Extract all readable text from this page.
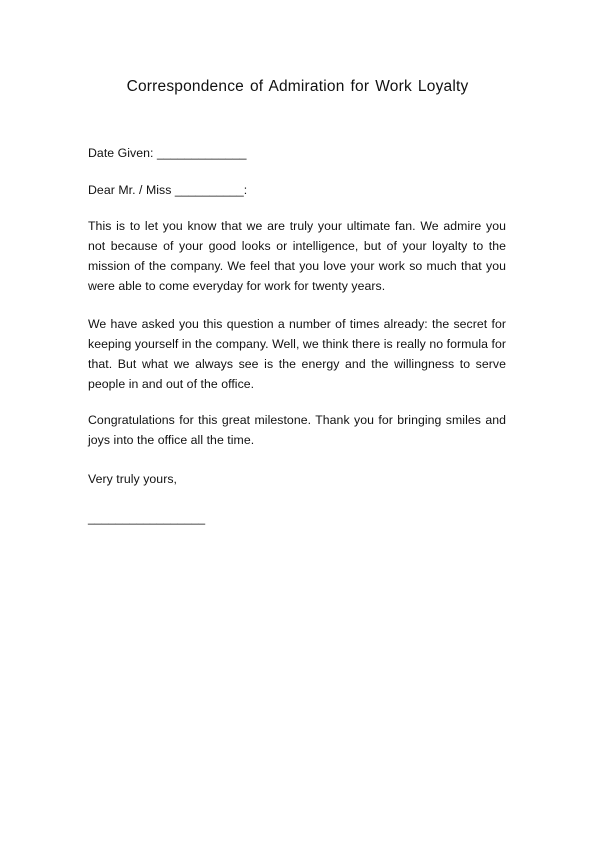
Correspondence of Admiration for Work Loyalty

Date Given: _____________

Dear Mr. / Miss __________:

This is to let you know that we are truly your ultimate fan. We admire you not because of your good looks or intelligence, but of your loyalty to the mission of the company. We feel that you love your work so much that you were able to come everyday for work for twenty years.

We have asked you this question a number of times already: the secret for keeping yourself in the company. Well, we think there is really no formula for that. But what we always see is the energy and the willingness to serve people in and out of the office.

Congratulations for this great milestone. Thank you for bringing smiles and joys into the office all the time.

Very truly yours,

_________________
